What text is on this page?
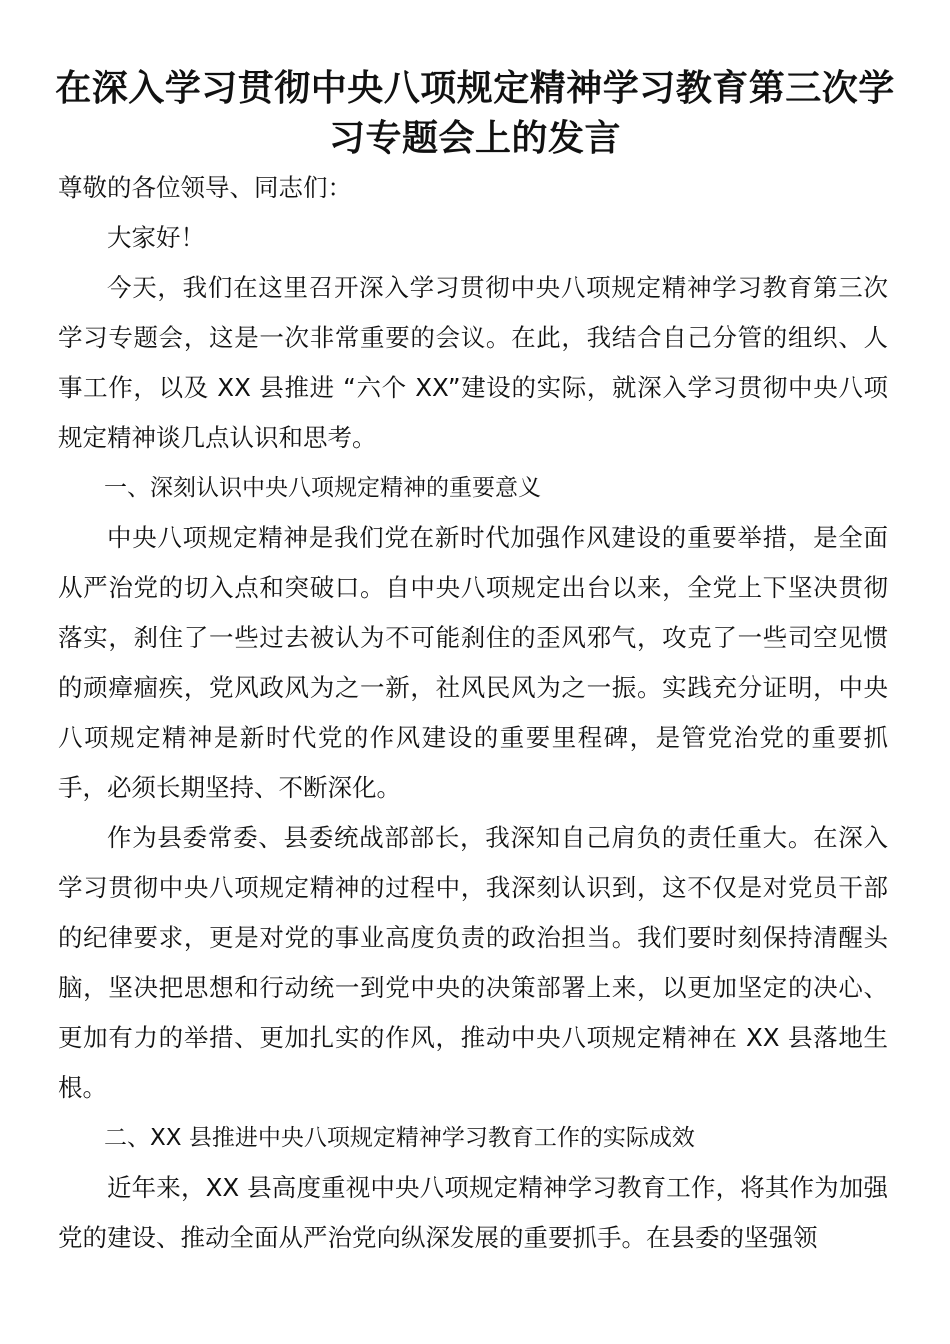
在深入学习贯彻中央八项规定精神学习教育第三次学习专题会上的发言

尊敬的各位领导、同志们：

大家好！

今天，我们在这里召开深入学习贯彻中央八项规定精神学习教育第三次学习专题会，这是一次非常重要的会议。在此，我结合自己分管的组织、人事工作，以及 XX 县推进 “六个 XX”建设的实际，就深入学习贯彻中央八项规定精神谈几点认识和思考。

一、深刻认识中央八项规定精神的重要意义

中央八项规定精神是我们党在新时代加强作风建设的重要举措，是全面从严治党的切入点和突破口。自中央八项规定出台以来，全党上下坚决贯彻落实，刹住了一些过去被认为不可能刹住的歪风邪气，攻克了一些司空见惯的顽瘴痼疾，党风政风为之一新，社风民风为之一振。实践充分证明，中央八项规定精神是新时代党的作风建设的重要里程碑，是管党治党的重要抓手，必须长期坚持、不断深化。

作为县委常委、县委统战部部长，我深知自己肩负的责任重大。在深入学习贯彻中央八项规定精神的过程中，我深刻认识到，这不仅是对党员干部的纪律要求，更是对党的事业高度负责的政治担当。我们要时刻保持清醒头脑，坚决把思想和行动统一到党中央的决策部署上来，以更加坚定的决心、更加有力的举措、更加扎实的作风，推动中央八项规定精神在 XX 县落地生根。

二、XX 县推进中央八项规定精神学习教育工作的实际成效

近年来，XX 县高度重视中央八项规定精神学习教育工作，将其作为加强党的建设、推动全面从严治党向纵深发展的重要抓手。在县委的坚强领
